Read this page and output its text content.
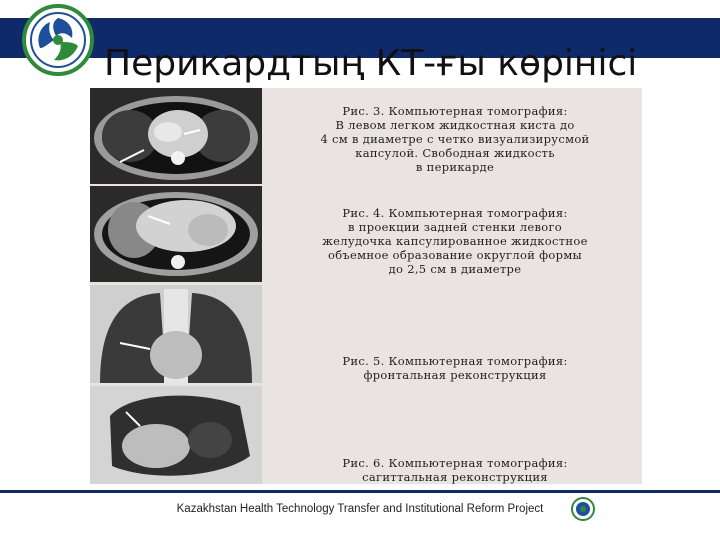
Перикардтың КТ-ғы көрінісі
Рис. 3. Компьютерная томография:
В левом легком жидкостная киста до
4 см в диаметре с четко визуализирусмой
капсулой. Свободная жидкость
в перикарде
Рис. 4. Компьютерная томография:
в проекции задней стенки левого
желудочка капсулированное жидкостное
объемное образование округлой формы
до 2,5 см в диаметре
Рис. 5. Компьютерная томография:
фронтальная реконструкция
Рис. 6. Компьютерная томография:
сагиттальная реконструкция
Kazakhstan Health Technology Transfer and Institutional Reform Project
